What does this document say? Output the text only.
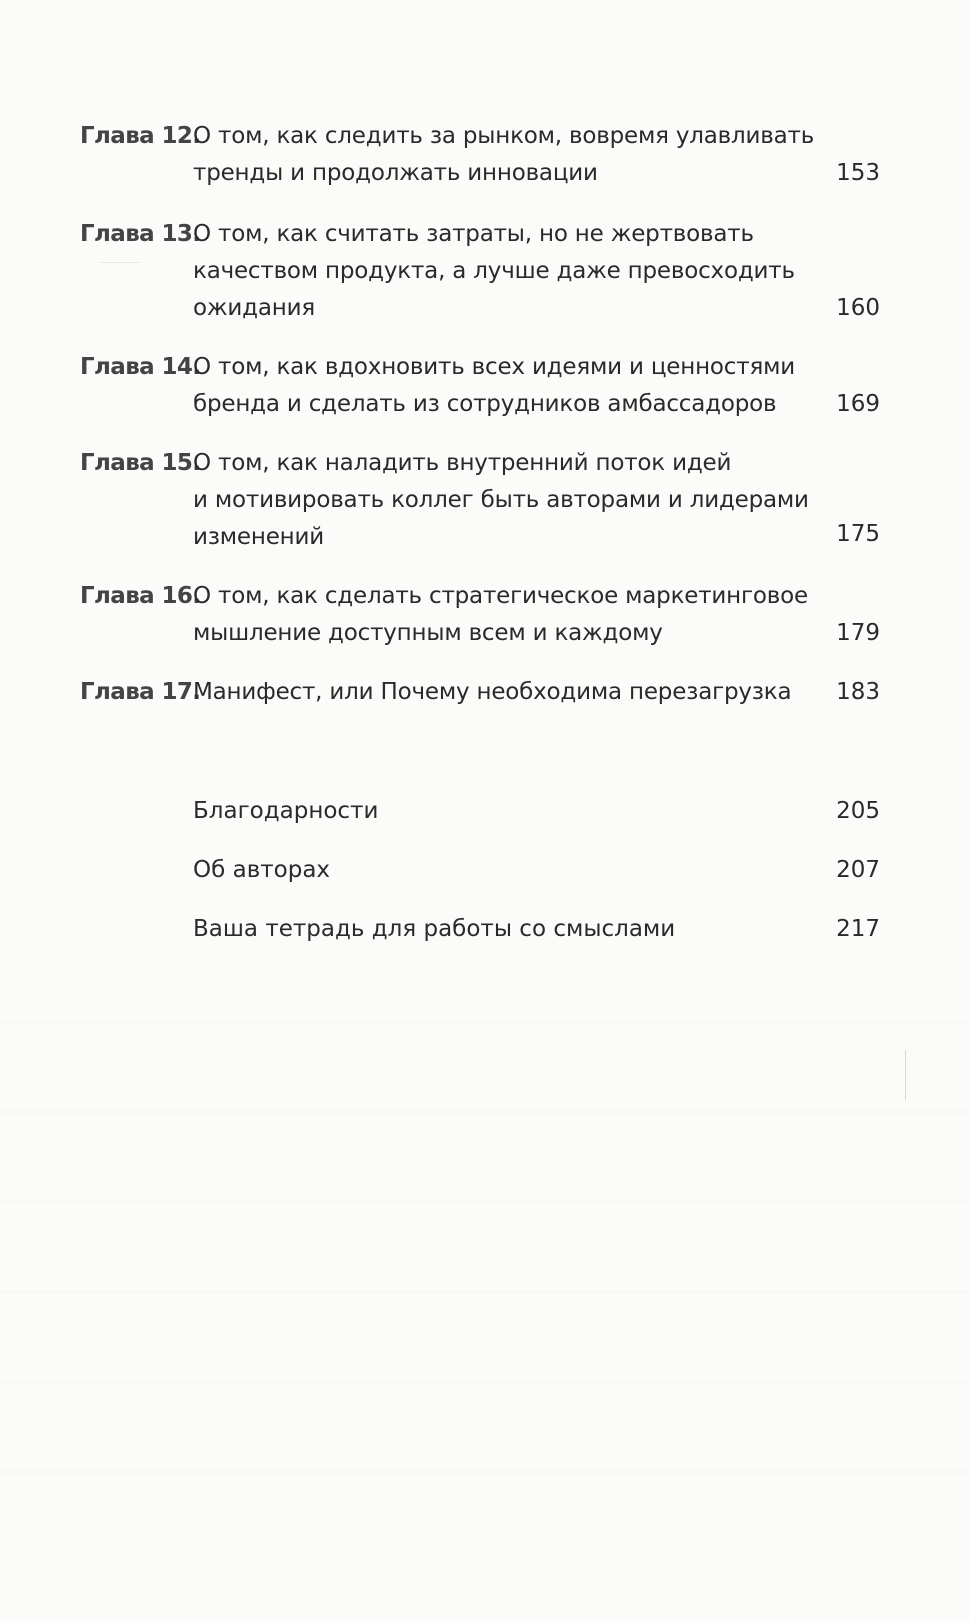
Глава 12.
О том, как следить за рынком, вовремя улавливать
тренды и продолжать инновации	153
Глава 13.
О том, как считать затраты, но не жертвовать
качеством продукта, а лучше даже превосходить
ожидания	160
Глава 14.
О том, как вдохновить всех идеями и ценностями
бренда и сделать из сотрудников амбассадоров	169
Глава 15.
О том, как наладить внутренний поток идей
и мотивировать коллег быть авторами и лидерами
изменений	175
Глава 16.
О том, как сделать стратегическое маркетинговое
мышление доступным всем и каждому	179
Глава 17.
Манифест, или Почему необходима перезагрузка	183
Благодарности	205
Об авторах	207
Ваша тетрадь для работы со смыслами	217
